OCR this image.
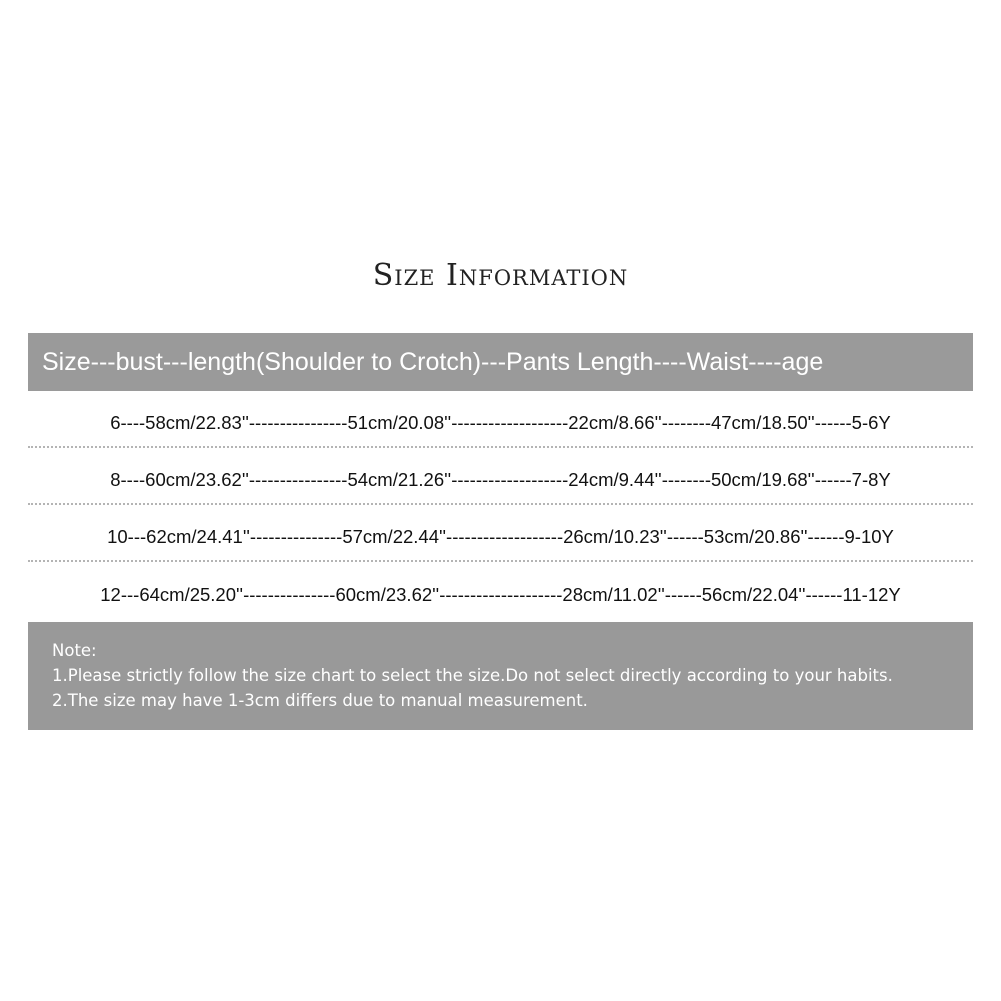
Size Information
Size---bust---length(Shoulder to Crotch)---Pants Length----Waist----age
6----58cm/22.83''----------------51cm/20.08''-------------------22cm/8.66''--------47cm/18.50''------5-6Y
8----60cm/23.62''----------------54cm/21.26''-------------------24cm/9.44''--------50cm/19.68''------7-8Y
10---62cm/24.41''---------------57cm/22.44''-------------------26cm/10.23''------53cm/20.86''------9-10Y
12---64cm/25.20''---------------60cm/23.62''--------------------28cm/11.02''------56cm/22.04''------11-12Y
Note:
1.Please strictly follow the size chart to select the size.Do not select directly according to your habits.
2.The size may have 1-3cm differs due to manual measurement.
